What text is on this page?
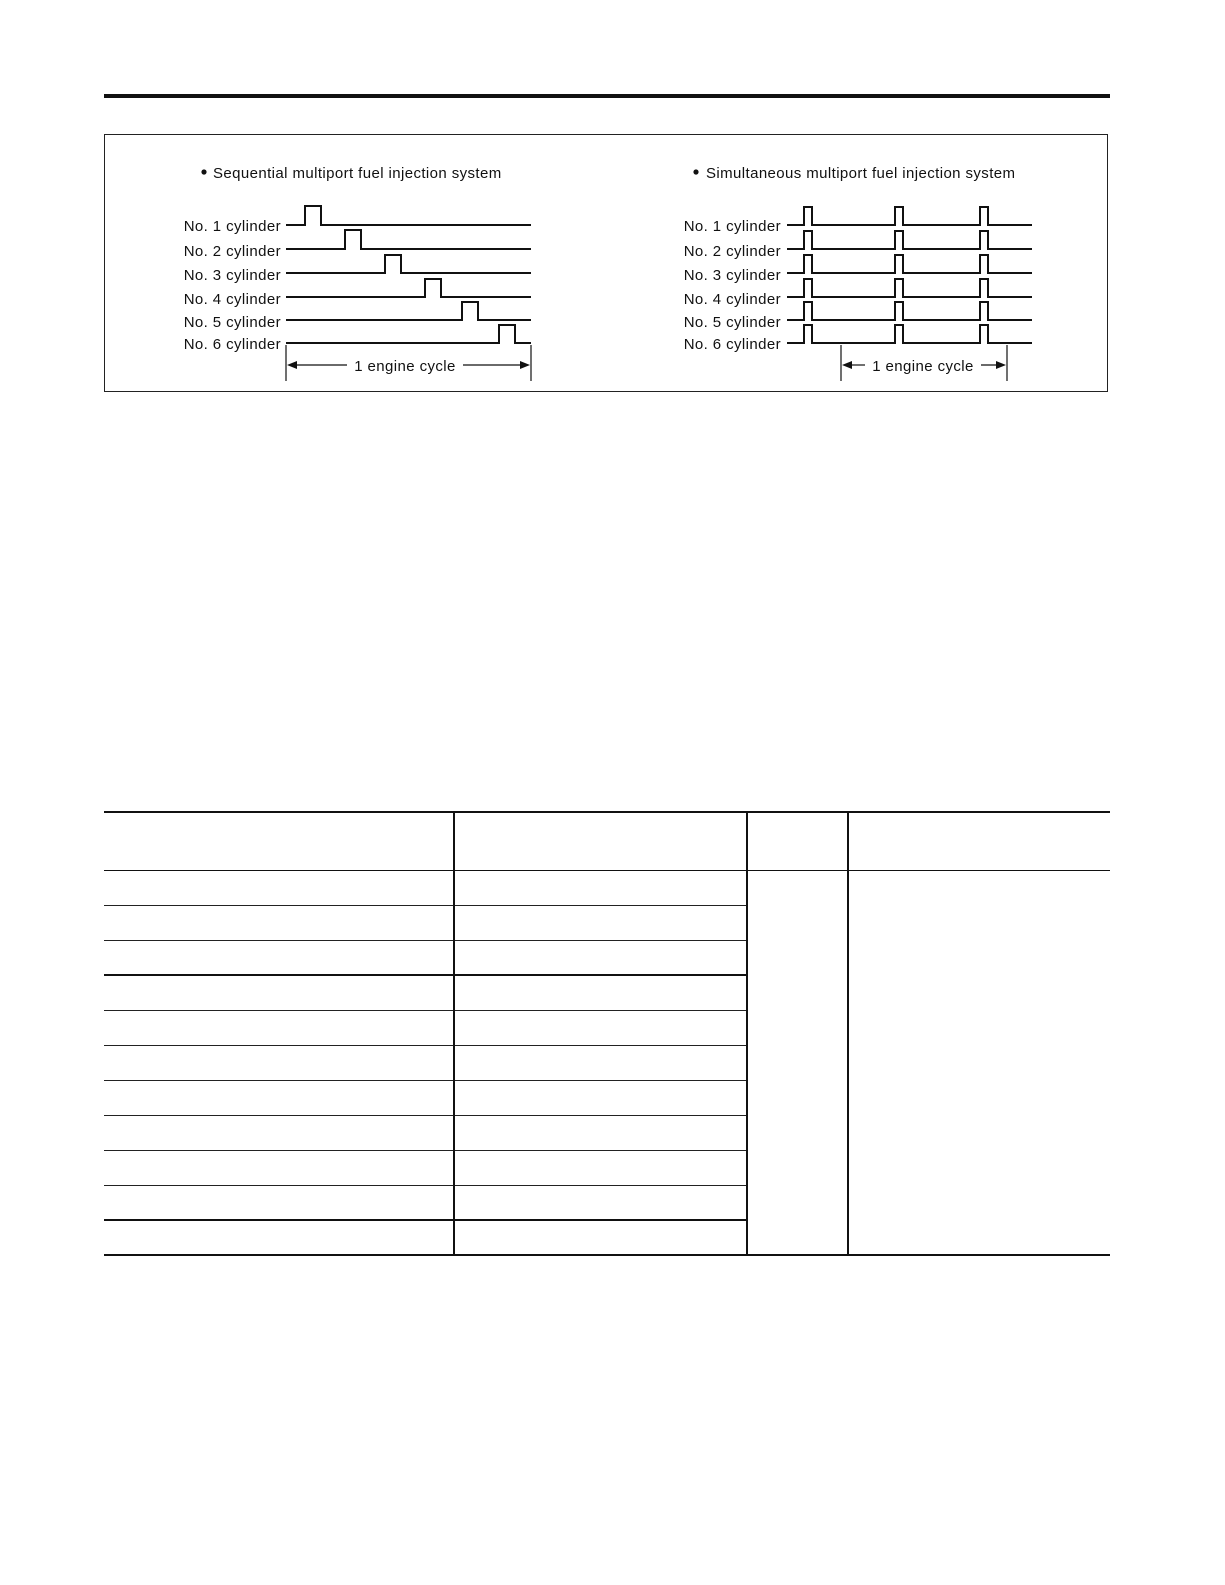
Sequential multiport fuel injection system
No. 1 cylinder
No. 2 cylinder
No. 3 cylinder
No. 4 cylinder
No. 5 cylinder
No. 6 cylinder
1 engine cycle
Simultaneous multiport fuel injection system
No. 1 cylinder
No. 2 cylinder
No. 3 cylinder
No. 4 cylinder
No. 5 cylinder
No. 6 cylinder
1 engine cycle
